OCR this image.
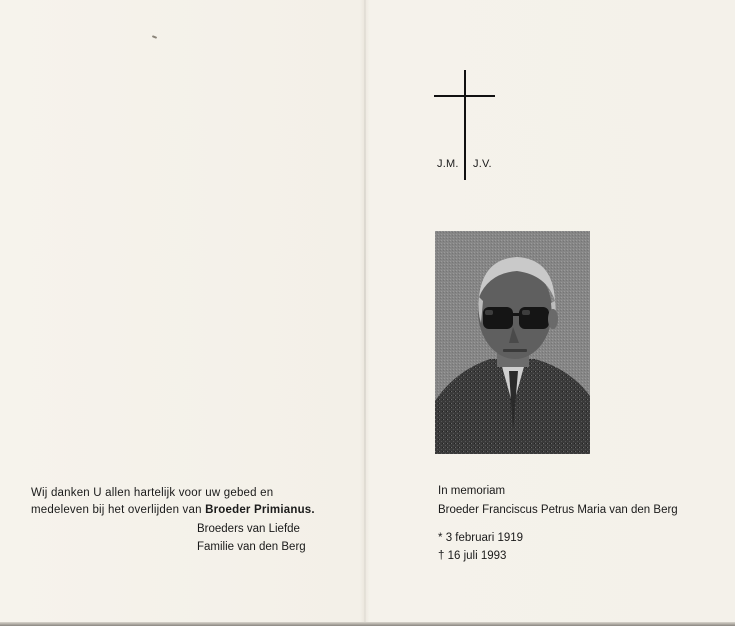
J.M. J.V.
In memoriam
Broeder Franciscus Petrus Maria van den Berg
* 3 februari 1919
† 16 juli 1993
Wij danken U allen hartelijk voor uw gebed en
medeleven bij het overlijden van Broeder Primianus.
Broeders van Liefde
Familie van den Berg
